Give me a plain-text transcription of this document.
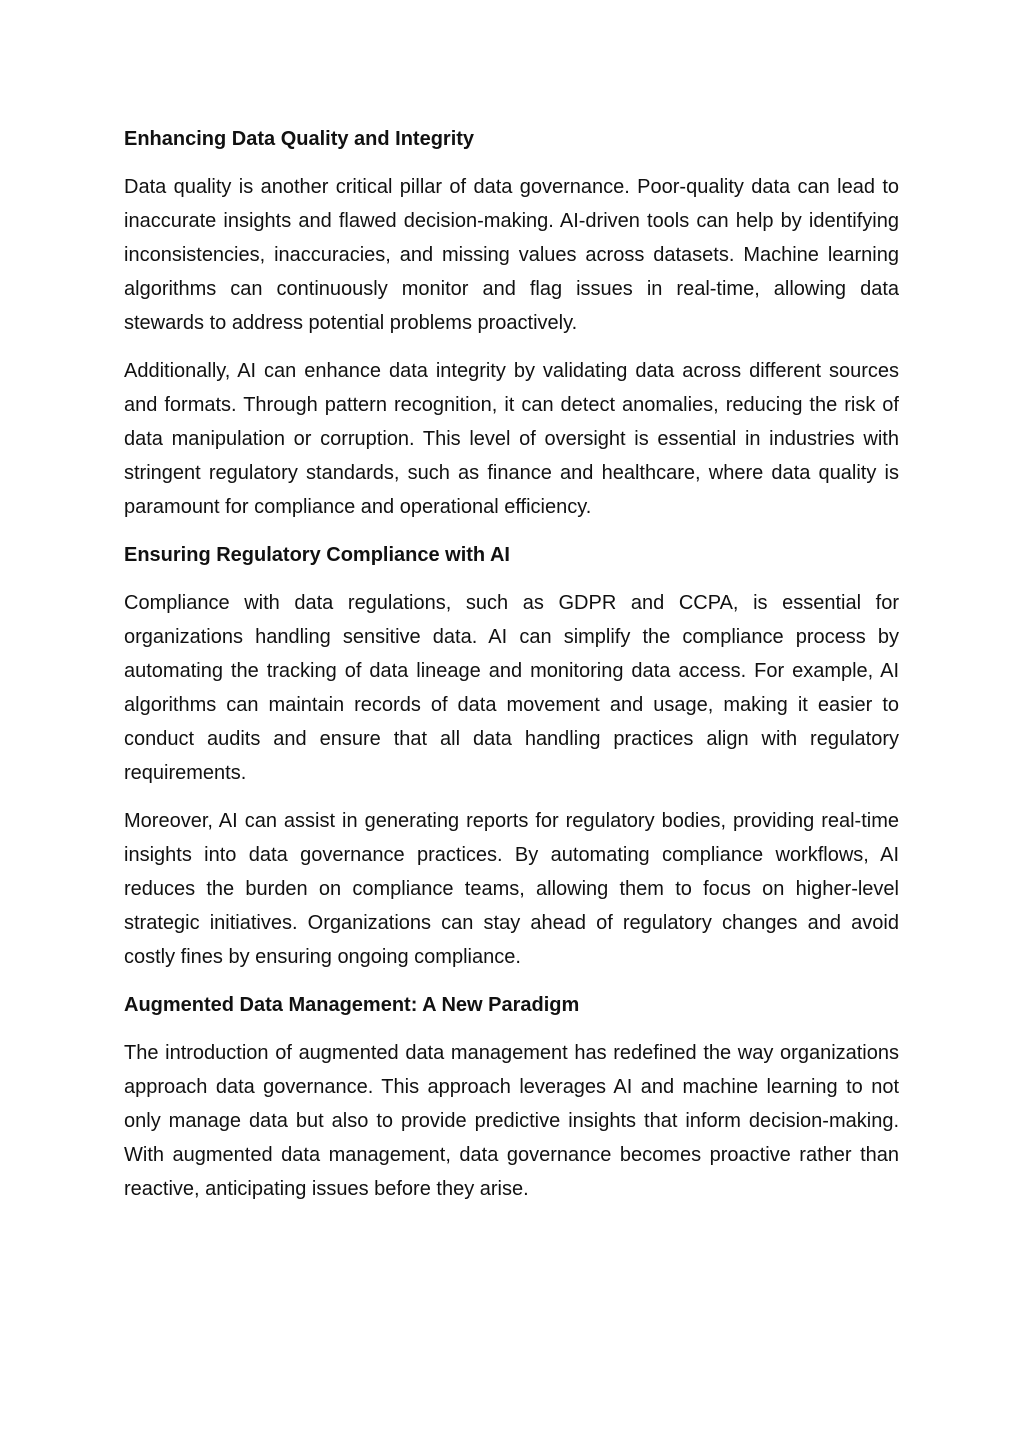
Enhancing Data Quality and Integrity

Data quality is another critical pillar of data governance. Poor-quality data can lead to inaccurate insights and flawed decision-making. AI-driven tools can help by identifying inconsistencies, inaccuracies, and missing values across datasets. Machine learning algorithms can continuously monitor and flag issues in real-time, allowing data stewards to address potential problems proactively.

Additionally, AI can enhance data integrity by validating data across different sources and formats. Through pattern recognition, it can detect anomalies, reducing the risk of data manipulation or corruption. This level of oversight is essential in industries with stringent regulatory standards, such as finance and healthcare, where data quality is paramount for compliance and operational efficiency.

Ensuring Regulatory Compliance with AI

Compliance with data regulations, such as GDPR and CCPA, is essential for organizations handling sensitive data. AI can simplify the compliance process by automating the tracking of data lineage and monitoring data access. For example, AI algorithms can maintain records of data movement and usage, making it easier to conduct audits and ensure that all data handling practices align with regulatory requirements.

Moreover, AI can assist in generating reports for regulatory bodies, providing real-time insights into data governance practices. By automating compliance workflows, AI reduces the burden on compliance teams, allowing them to focus on higher-level strategic initiatives. Organizations can stay ahead of regulatory changes and avoid costly fines by ensuring ongoing compliance.

Augmented Data Management: A New Paradigm

The introduction of augmented data management has redefined the way organizations approach data governance. This approach leverages AI and machine learning to not only manage data but also to provide predictive insights that inform decision-making. With augmented data management, data governance becomes proactive rather than reactive, anticipating issues before they arise.
